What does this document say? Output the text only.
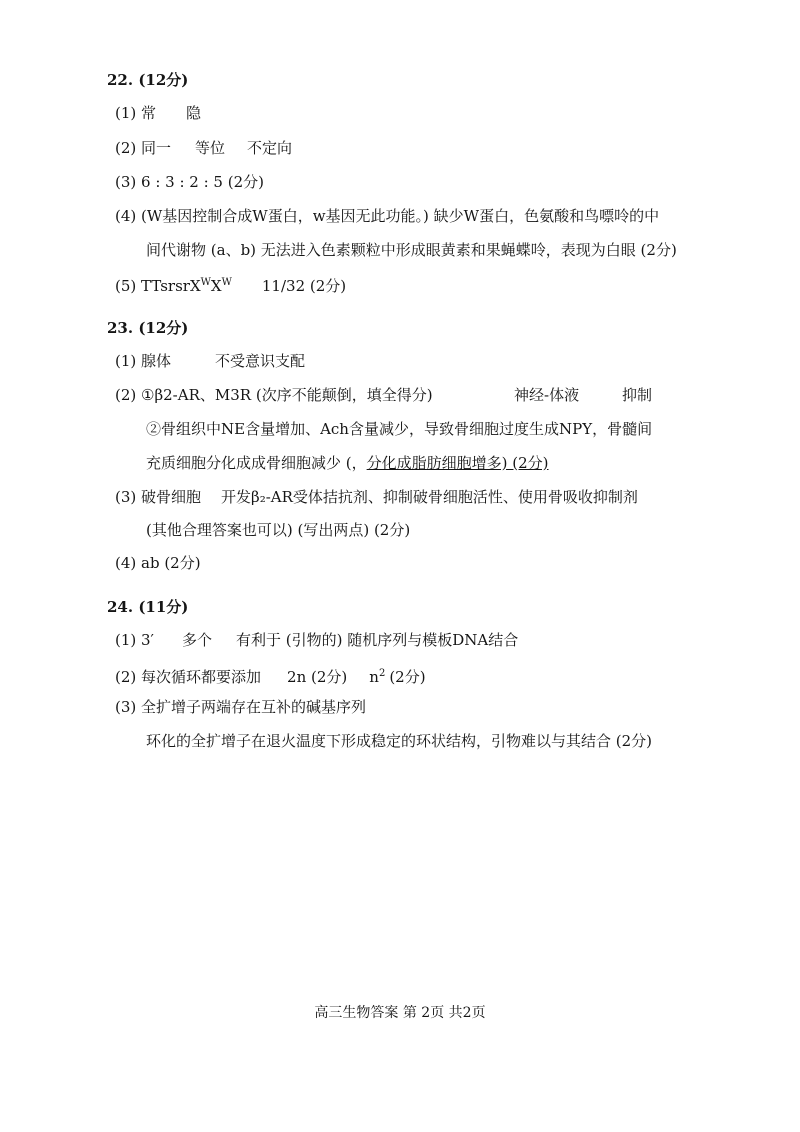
22. (12分)
(1) 常 隐
(2) 同一 等位 不定向
(3) 6 : 3 : 2 : 5 (2分)
(4) (W基因控制合成W蛋白，w基因无此功能。) 缺少W蛋白，色氨酸和鸟嘌呤的中
间代谢物 (a、b) 无法进入色素颗粒中形成眼黄素和果蝇蝶呤，表现为白眼 (2分)
(5) $TTsrsrX^WX^W$ 11/32 (2分)
23. (12分)
(1) 腺体	不受意识支配
(2) ①β2-AR、M3R (次序不能颠倒，填全得分)	神经-体液	抑制
②骨组织中NE含量增加、Ach含量减少，导致骨细胞过度生成NPY，骨髓间
充质细胞分化成成骨细胞减少 (，分化成脂肪细胞增多) (2分)
(3) 破骨细胞 开发β₂-AR受体拮抗剂、抑制破骨细胞活性、使用骨吸收抑制剂
(其他合理答案也可以) (写出两点) (2分)
(4) ab (2分)
24. (11分)
(1) 3′ 多个 有利于 (引物的) 随机序列与模板DNA结合
(2) 每次循环都要添加 2n (2分) $n^2$ (2分)
(3) 全扩增子两端存在互补的碱基序列
环化的全扩增子在退火温度下形成稳定的环状结构，引物难以与其结合 (2分)
高三生物答案 第 2页 共2页
